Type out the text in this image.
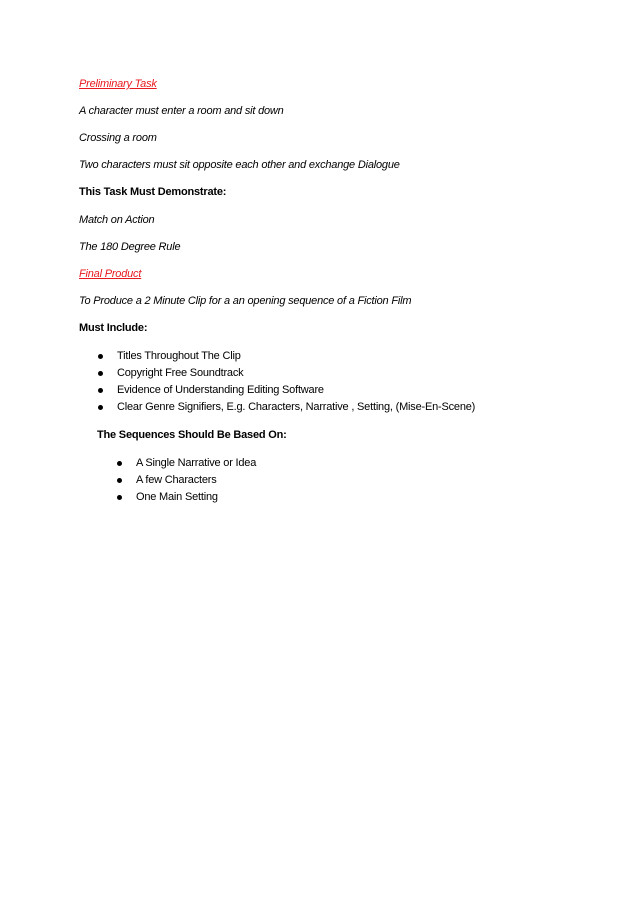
Preliminary Task
A character must enter a room and sit down
Crossing a room
Two characters must sit opposite each other and exchange Dialogue
This Task Must Demonstrate:
Match on Action
The 180 Degree Rule
Final Product
To Produce a 2 Minute Clip for a an opening sequence of a Fiction Film
Must Include:
Titles Throughout The Clip
Copyright Free Soundtrack
Evidence of Understanding Editing Software
Clear Genre Signifiers, E.g. Characters, Narrative , Setting, (Mise-En-Scene)
The Sequences Should Be Based On:
A Single Narrative or Idea
A few Characters
One Main Setting
